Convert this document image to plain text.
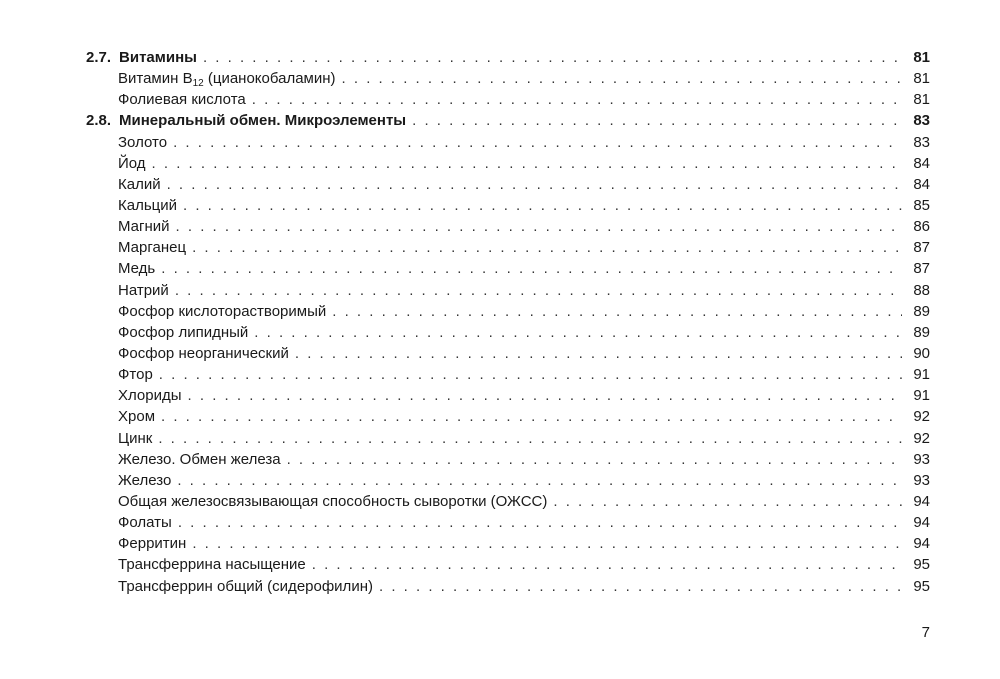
2.7. Витамины . . .	81
Витамин $B_{12}$ (цианокобаламин) . . .	81
Фолиевая кислота . . .	81
2.8. Минеральный обмен. Микроэлементы . . .	83
Золото . . .	83
Йод . . .	84
Калий . . .	84
Кальций . . .	85
Магний . . .	86
Марганец . . .	87
Медь . . .	87
Натрий . . .	88
Фосфор кислоторастворимый . . .	89
Фосфор липидный . . .	89
Фосфор неорганический . . .	90
Фтор . . .	91
Хлориды . . .	91
Хром . . .	92
Цинк . . .	92
Железо. Обмен железа . . .	93
Железо . . .	93
Общая железосвязывающая способность сыворотки (ОЖСС) . . .	94
Фолаты . . .	94
Ферритин . . .	94
Трансферрина насыщение . . .	95
Трансферрин общий (сидерофилин) . . .	95
7
